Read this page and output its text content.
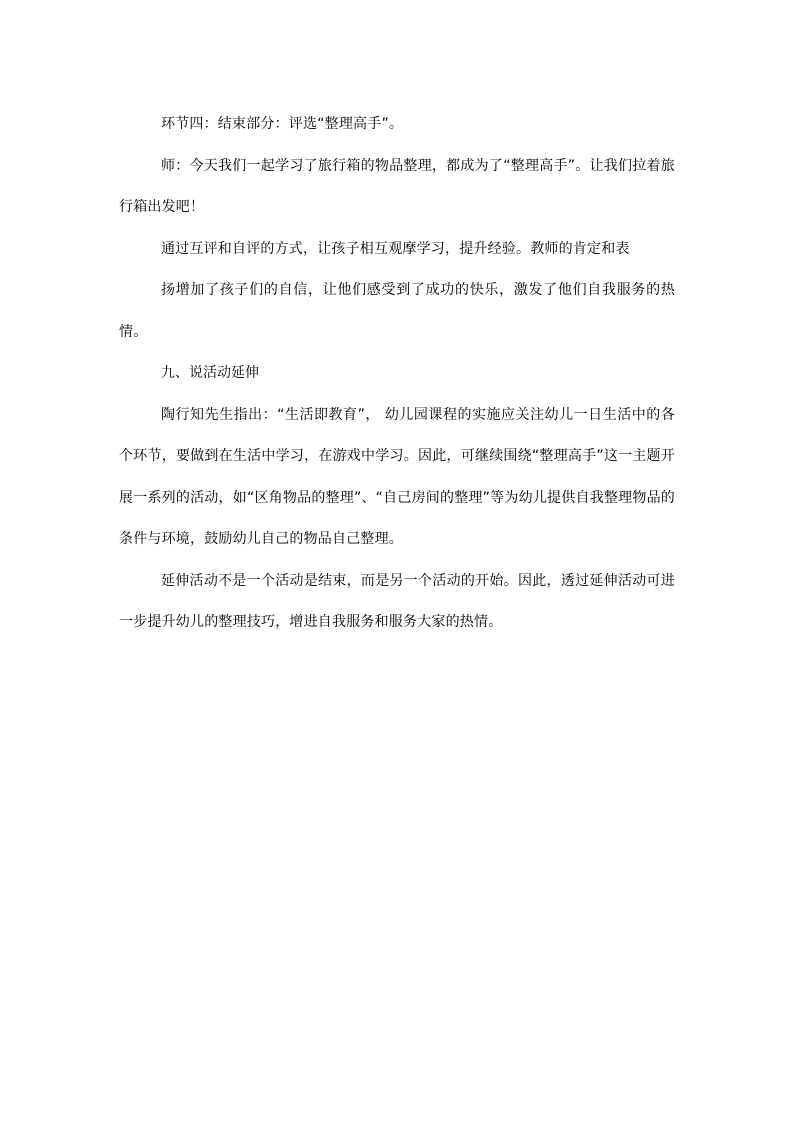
环节四：结束部分：评选“整理高手”。

师：今天我们一起学习了旅行箱的物品整理，都成为了“整理高手”。让我们拉着旅行箱出发吧！

通过互评和自评的方式，让孩子相互观摩学习，提升经验。教师的肯定和表

扬增加了孩子们的自信，让他们感受到了成功的快乐，激发了他们自我服务的热情。

九、说活动延伸

陶行知先生指出：“生活即教育”， 幼儿园课程的实施应关注幼儿一日生活中的各个环节，要做到在生活中学习，在游戏中学习。因此，可继续围绕“整理高手”这一主题开展一系列的活动，如“区角物品的整理”、“自己房间的整理”等为幼儿提供自我整理物品的条件与环境，鼓励幼儿自己的物品自己整理。

延伸活动不是一个活动是结束，而是另一个活动的开始。因此，透过延伸活动可进一步提升幼儿的整理技巧，增进自我服务和服务大家的热情。
